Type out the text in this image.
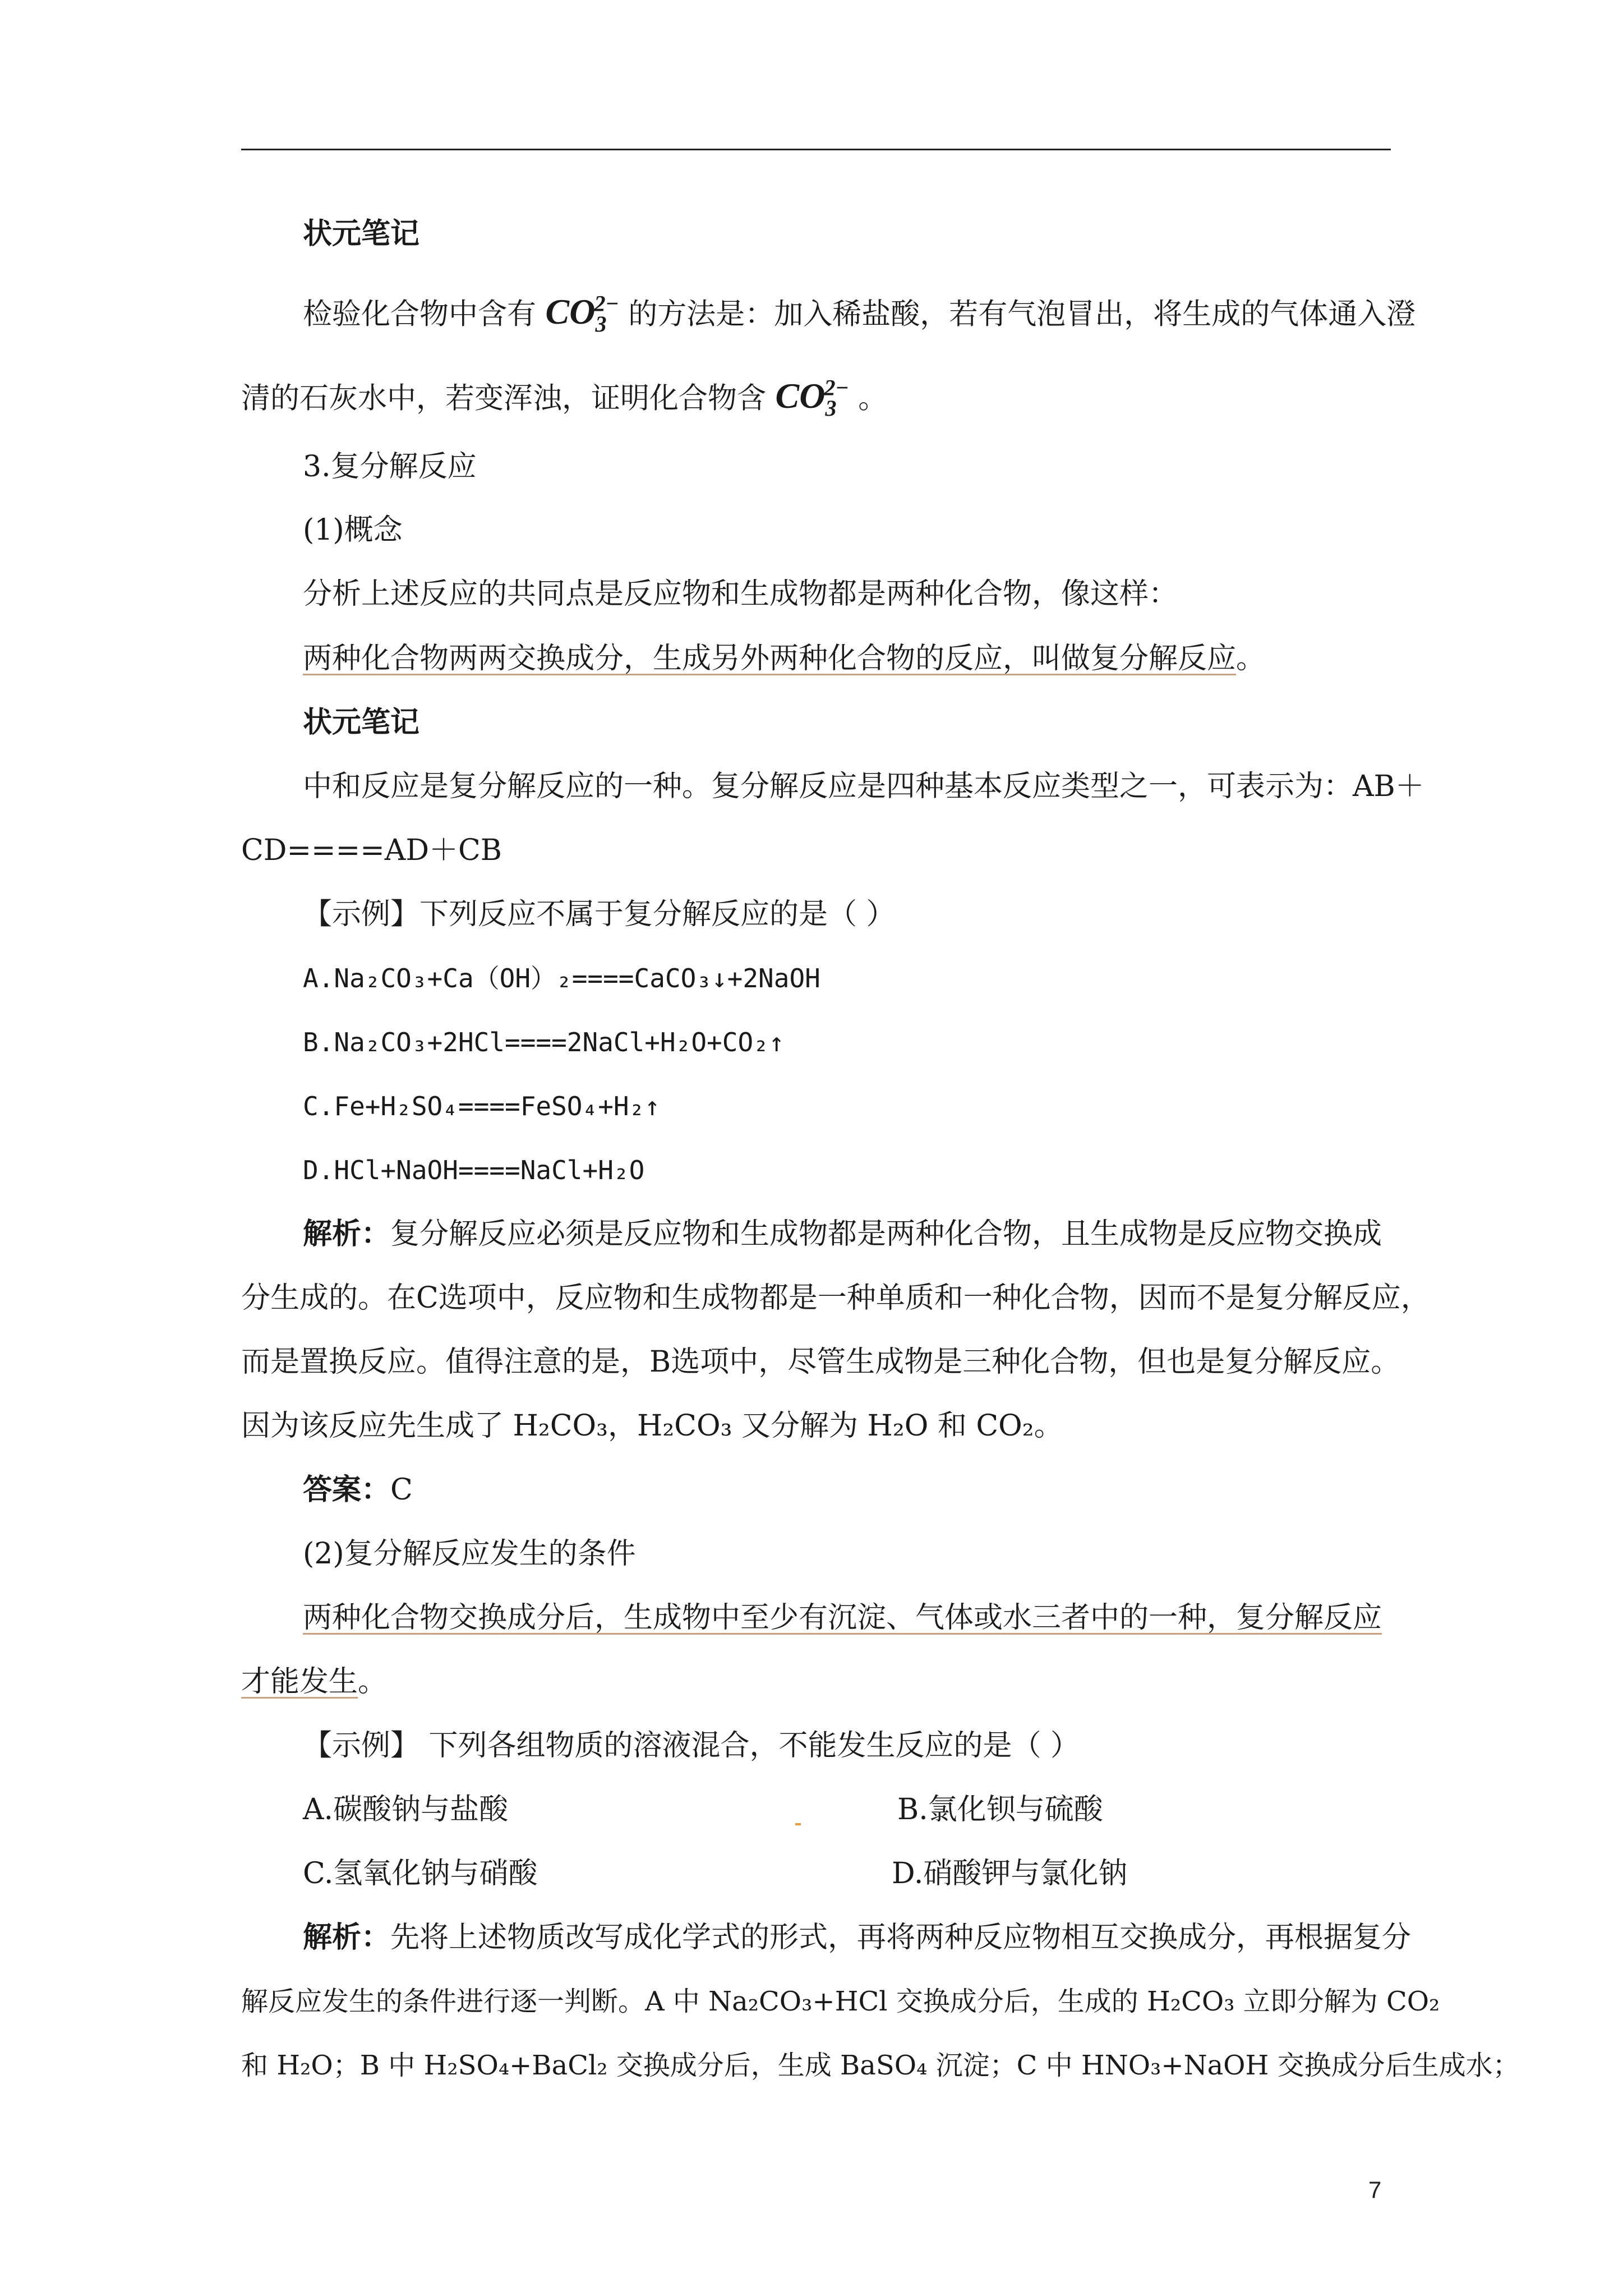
状元笔记
检验化合物中含有 $CO_3^{2-}$ 的方法是：加入稀盐酸，若有气泡冒出，将生成的气体通入澄
清的石灰水中，若变浑浊，证明化合物含 $CO_3^{2-}$ 。
3.复分解反应
(1)概念
分析上述反应的共同点是反应物和生成物都是两种化合物，像这样：
两种化合物两两交换成分，生成另外两种化合物的反应，叫做复分解反应。
状元笔记
中和反应是复分解反应的一种。复分解反应是四种基本反应类型之一，可表示为：AB＋
CD====AD＋CB
【示例】下列反应不属于复分解反应的是（ ）
A.Na₂CO₃+Ca（OH）₂====CaCO₃↓+2NaOH
B.Na₂CO₃+2HCl====2NaCl+H₂O+CO₂↑
C.Fe+H₂SO₄====FeSO₄+H₂↑
D.HCl+NaOH====NaCl+H₂O
解析：复分解反应必须是反应物和生成物都是两种化合物，且生成物是反应物交换成
分生成的。在C选项中，反应物和生成物都是一种单质和一种化合物，因而不是复分解反应，
而是置换反应。值得注意的是，B选项中，尽管生成物是三种化合物，但也是复分解反应。
因为该反应先生成了 H₂CO₃，H₂CO₃ 又分解为 H₂O 和 CO₂。
答案：C
(2)复分解反应发生的条件
两种化合物交换成分后，生成物中至少有沉淀、气体或水三者中的一种，复分解反应
才能发生。
【示例】 下列各组物质的溶液混合，不能发生反应的是（ ）
A.碳酸钠与盐酸	B.氯化钡与硫酸
C.氢氧化钠与硝酸	D.硝酸钾与氯化钠
解析：先将上述物质改写成化学式的形式，再将两种反应物相互交换成分，再根据复分
解反应发生的条件进行逐一判断。A 中 Na₂CO₃+HCl 交换成分后，生成的 H₂CO₃ 立即分解为 CO₂
和 H₂O；B 中 H₂SO₄+BaCl₂ 交换成分后，生成 BaSO₄ 沉淀；C 中 HNO₃+NaOH 交换成分后生成水；
7
